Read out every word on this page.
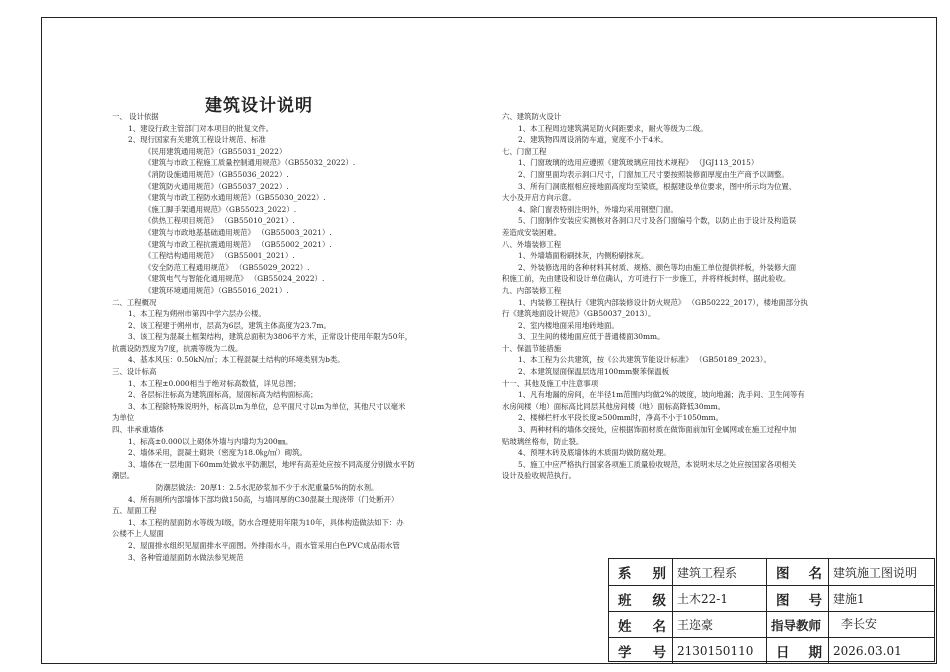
建筑设计说明
一、 设计依据
1、建设行政主管部门对本项目的批复文件。
2、现行国家有关建筑工程设计规范、标准
《民用建筑通用规范》（GB55031_2022）
《建筑与市政工程施工质量控制通用规范》（GB55032_2022）.
《消防设施通用规范》（GB55036_2022）.
《建筑防火通用规范》（GB55037_2022）.
《建筑与市政工程防水通用规范》（GB55030_2022）.
《施工脚手架通用规范》（GB55023_2022）.
《供热工程项目规范》 （GB55010_2021）.
《建筑与市政地基基础通用规范》 （GB55003_2021）.
《建筑与市政工程抗震通用规范》 （GB55002_2021）.
《工程结构通用规范》 （GB55001_2021）.
《安全防范工程通用规范》 （GB55029_2022）.
《建筑电气与智能化通用规范》 （GB55024_2022）.
《建筑环境通用规范》（GB55016_2021）.
二、工程概况
1、本工程为朔州市第四中学六层办公楼。
2、该工程建于朔州市，层高为6层，建筑主体高度为23.7m。
3、该工程为混凝土框架结构，建筑总面积为3806平方米，正常设计使用年限为50年，
抗震设防烈度为7度，抗震等级为二级。
4、基本风压：0.50kN/㎡；本工程混凝土结构的环境类别为b类。
三、设计标高
1、本工程±0.000相当于绝对标高数值，详见总图；
2、各层标注标高为建筑面标高，屋面标高为结构面标高；
3、本工程除特殊说明外，标高以m为单位，总平面尺寸以m为单位，其他尺寸以毫米
为单位
四、非承重墙体
1、标高±0.000以上砌体外墙与内墙均为200㎜。
2、墙体采用，混凝土砌块（密度为18.0㎏/㎡）砌筑。
3、墙体在一层地面下60mm处做水平防潮层，地坪有高差处应按不同高度分别做水平防
潮层。
防潮层做法：20厚1：2.5水泥砂浆加不少于水泥重量5%的防水剂。
4、所有厕所内部墙体下部均做150高，与墙同厚的C30混凝土现浇带（门处断开）
五、屋面工程
1、本工程的屋面防水等级为Ⅰ级，防水合理使用年限为10年，具体构造做法如下：办
公楼不上人屋面
2、屋面排水组织见屋面排水平面图。外排雨水斗，雨水管采用白色PVC成品雨水管
3、各种管道屋面防水做法参见规范
六、建筑防火设计
1、本工程周边建筑满足防火间距要求，耐火等级为二级。
2、建筑物四周设消防车道，宽度不小于4米。
七、门窗工程
1、门窗玻璃的选用应遵照《建筑玻璃应用技术规程》 （JGJ113_2015）
2、门窗里面均表示洞口尺寸，门窗加工尺寸要按照装修面厚度由生产商予以调整。
3、所有门洞底框相应接地面高度均至梁底，根据建设单位要求，图中所示均为位置、
大小及开启方向示意。
4、除门窗表特别注明外，外墙均采用钢塑门窗。
5、门窗制作安装应实测核对各洞口尺寸及各门窗编号个数，以防止由于设计及构造误
差造成安装困难。
八、外墙装修工程
1、外墙墙面粉刷抹灰，内侧粉刷抹灰。
2、外装修选用的各种材料其材质、规格、颜色等均由施工单位提供样板，外装修大面
积施工前，先由建设和设计单位确认，方可进行下一步施工，并将样板封样，据此验收。
九、内部装修工程
1、内装修工程执行《建筑内部装修设计防火规范》 （GB50222_2017），楼地面部分执
行《建筑地面设计规范》（GB50037_2013）。
2、室内楼地面采用地砖地面。
3、卫生间的楼地面应低于普通楼面30mm。
十、保温节能措施
1、本工程为公共建筑，按《公共建筑节能设计标准》 （GB50189_2023）。
2、本建筑屋面保温层选用100mm聚苯保温板
十一、其他及施工中注意事项
1、凡有地漏的房间，在半径1m范围内均做2%的坡度，坡向地漏；洗手间、卫生间等有
水房间楼（地）面标高比同层其他房间楼（地）面标高降低30mm。
2、楼梯栏杆水平段长度≥500mm时，净高不小于1050mm。
3、两种材料的墙体交接处，应根据饰面材质在做饰面前加钉金属网或在施工过程中加
贴玻璃丝格布，防止裂。
4、预埋木砖及底墙体的木质面均做防腐处理。
5、施工中应严格执行国家各项施工质量验收规范，本说明未尽之处应按国家各项相关
设计及验收规范执行。
系 别 建筑工程系	图 名 建筑施工图说明
班 级 土木22-1	图 号 建施1
姓 名 王迩豪	指导教师	李长安
学 号 2130150110	日 期 2026.03.01
